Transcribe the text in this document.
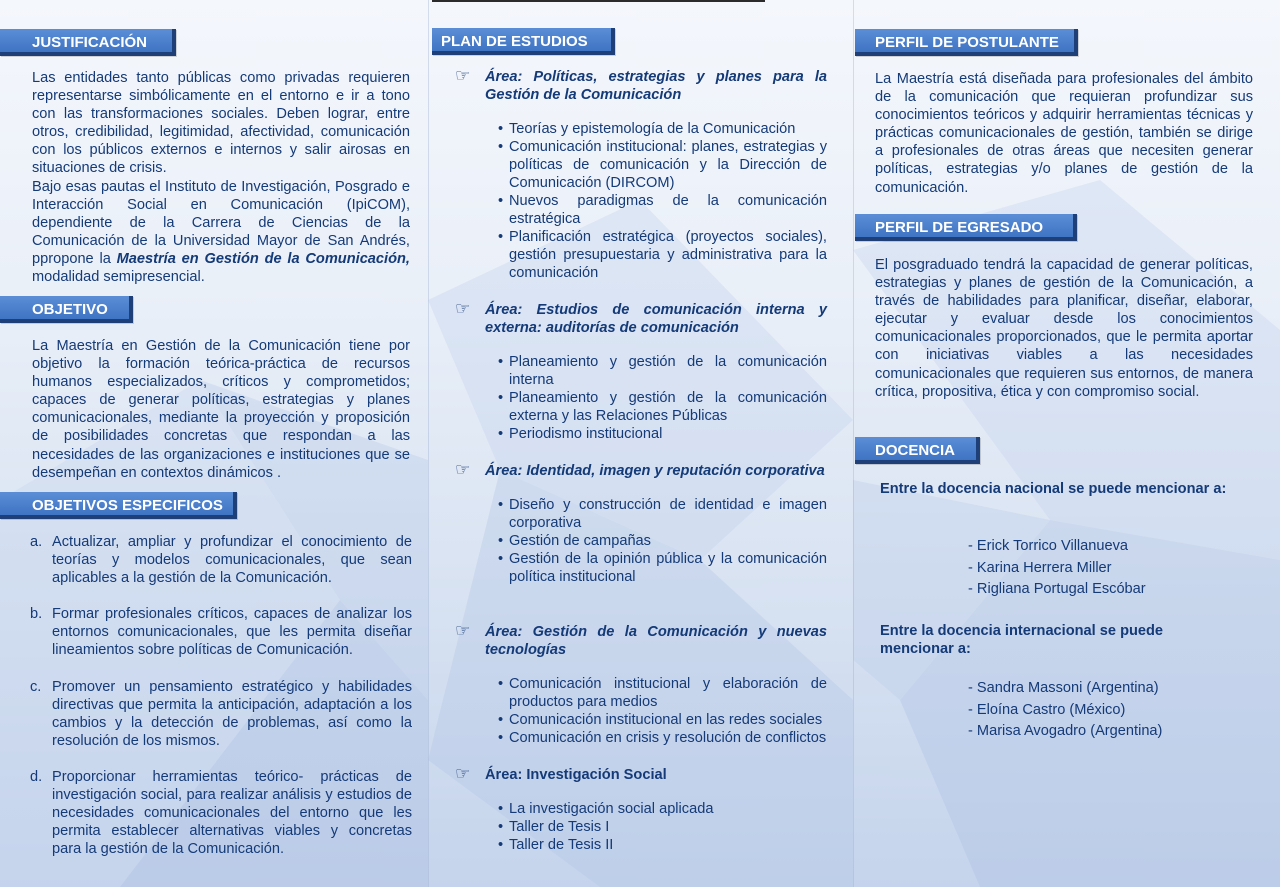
JUSTIFICACIÓN
Las entidades tanto públicas como privadas requieren representarse simbólicamente en el entorno e ir a tono con las transformaciones sociales. Deben lograr, entre otros, credibilidad, legitimidad, afectividad, comunicación con los públicos externos e internos y salir airosas en situaciones de crisis.
Bajo esas pautas el Instituto de Investigación, Posgrado e Interacción Social en Comunicación (IpiCOM), dependiente de la Carrera de Ciencias de la Comunicación de la Universidad Mayor de San Andrés, ppropone la Maestría en Gestión de la Comunicación, modalidad semipresencial.
OBJETIVO
La Maestría en Gestión de la Comunicación tiene por objetivo la formación teórica-práctica de recursos humanos especializados, críticos y comprometidos; capaces de generar políticas, estrategias y planes comunicacionales, mediante la proyección y proposición de posibilidades concretas que respondan a las necesidades de las organizaciones e instituciones que se desempeñan en contextos dinámicos .
OBJETIVOS ESPECIFICOS
a. Actualizar, ampliar y profundizar el conocimiento de teorías y modelos comunicacionales, que sean aplicables a la gestión de la Comunicación.
b. Formar profesionales críticos, capaces de analizar los entornos comunicacionales, que les permita diseñar lineamientos sobre políticas de Comunicación.
c. Promover un pensamiento estratégico y habilidades directivas que permita la anticipación, adaptación a los cambios y la detección de problemas, así como la resolución de los mismos.
d. Proporcionar herramientas teórico- prácticas de investigación social, para realizar análisis y estudios de necesidades comunicacionales del entorno que les permita establecer alternativas viables y concretas para la gestión de la Comunicación.
PLAN DE ESTUDIOS
☞ Área: Políticas, estrategias y planes para la Gestión de la Comunicación
• Teorías y epistemología de la Comunicación
• Comunicación institucional: planes, estrategias y políticas de comunicación y la Dirección de Comunicación (DIRCOM)
• Nuevos paradigmas de la comunicación estratégica
• Planificación estratégica (proyectos sociales), gestión presupuestaria y administrativa para la comunicación
☞ Área: Estudios de comunicación interna y externa: auditorías de comunicación
• Planeamiento y gestión de la comunicación interna
• Planeamiento y gestión de la comunicación externa y las Relaciones Públicas
• Periodismo institucional
☞ Área: Identidad, imagen y reputación corporativa
• Diseño y construcción de identidad e imagen corporativa
• Gestión de campañas
• Gestión de la opinión pública y la comunicación política institucional
☞ Área: Gestión de la Comunicación y nuevas tecnologías
• Comunicación institucional y elaboración de productos para medios
• Comunicación institucional en las redes sociales
• Comunicación en crisis y resolución de conflictos
☞ Área: Investigación Social
• La investigación social aplicada
• Taller de Tesis I
• Taller de Tesis II
PERFIL DE POSTULANTE
La Maestría está diseñada para profesionales del ámbito de la comunicación que requieran profundizar sus conocimientos teóricos y adquirir herramientas técnicas y prácticas comunicacionales de gestión, también se dirige a profesionales de otras áreas que necesiten generar políticas, estrategias y/o planes de gestión de la comunicación.
PERFIL DE EGRESADO
El posgraduado tendrá la capacidad de generar políticas, estrategias y planes de gestión de la Comunicación, a través de habilidades para planificar, diseñar, elaborar, ejecutar y evaluar desde los conocimientos comunicacionales proporcionados, que le permita aportar con iniciativas viables a las necesidades comunicacionales que requieren sus entornos, de manera crítica, propositiva, ética y con compromiso social.
DOCENCIA
Entre la docencia nacional se puede mencionar a:
- Erick Torrico Villanueva
- Karina Herrera Miller
- Rigliana Portugal Escóbar
Entre la docencia internacional se puede mencionar a:
- Sandra Massoni (Argentina)
- Eloína Castro (México)
- Marisa Avogadro (Argentina)
